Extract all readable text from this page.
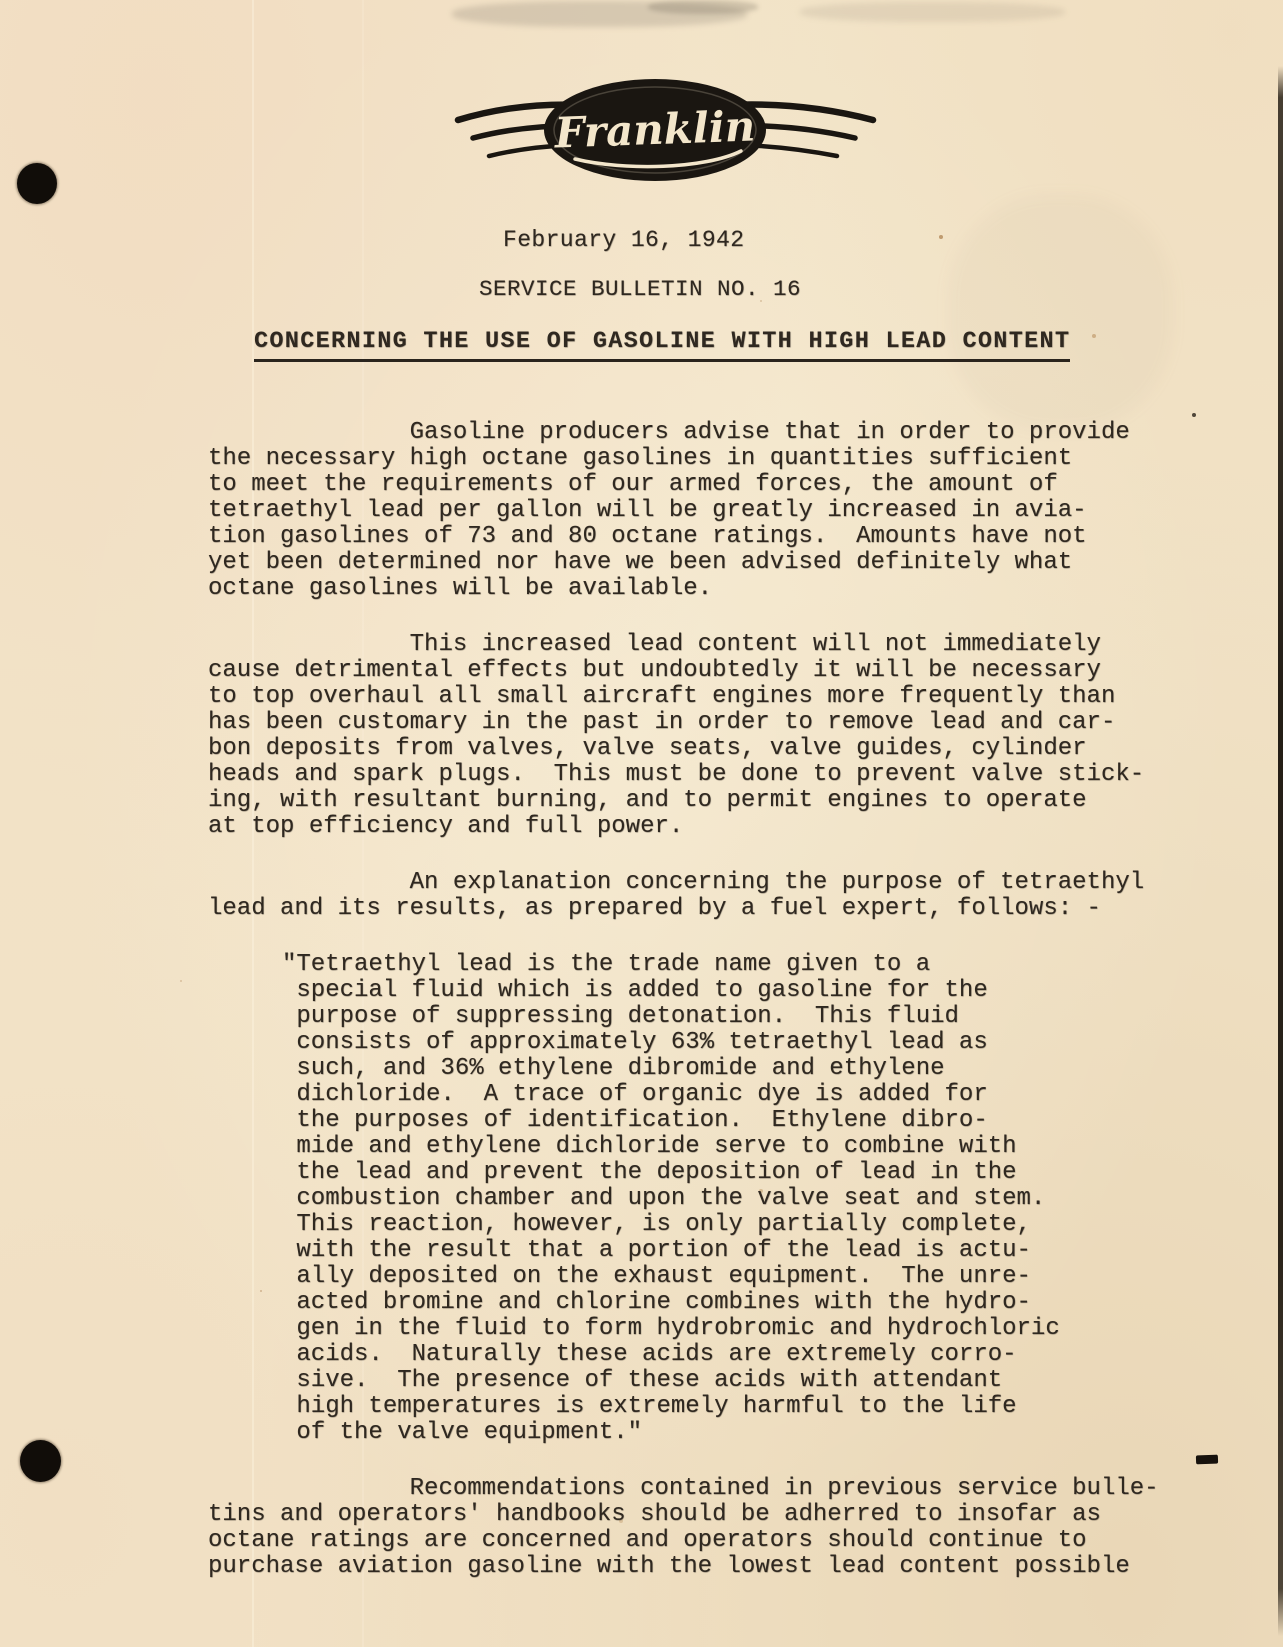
Franklin
February 16, 1942
SERVICE BULLETIN NO. 16
CONCERNING THE USE OF GASOLINE WITH HIGH LEAD CONTENT
Gasoline producers advise that in order to provide
the necessary high octane gasolines in quantities sufficient
to meet the requirements of our armed forces, the amount of
tetraethyl lead per gallon will be greatly increased in avia-
tion gasolines of 73 and 80 octane ratings.  Amounts have not
yet been determined nor have we been advised definitely what
octane gasolines will be available.
This increased lead content will not immediately
cause detrimental effects but undoubtedly it will be necessary
to top overhaul all small aircraft engines more frequently than
has been customary in the past in order to remove lead and car-
bon deposits from valves, valve seats, valve guides, cylinder
heads and spark plugs.  This must be done to prevent valve stick-
ing, with resultant burning, and to permit engines to operate
at top efficiency and full power.
An explanation concerning the purpose of tetraethyl
lead and its results, as prepared by a fuel expert, follows: -
"Tetraethyl lead is the trade name given to a
special fluid which is added to gasoline for the
purpose of suppressing detonation.  This fluid
consists of approximately 63% tetraethyl lead as
such, and 36% ethylene dibromide and ethylene
dichloride.  A trace of organic dye is added for
the purposes of identification.  Ethylene dibro-
mide and ethylene dichloride serve to combine with
the lead and prevent the deposition of lead in the
combustion chamber and upon the valve seat and stem.
This reaction, however, is only partially complete,
with the result that a portion of the lead is actu-
ally deposited on the exhaust equipment.  The unre-
acted bromine and chlorine combines with the hydro-
gen in the fluid to form hydrobromic and hydrochloric
acids.  Naturally these acids are extremely corro-
sive.  The presence of these acids with attendant
high temperatures is extremely harmful to the life
of the valve equipment."
Recommendations contained in previous service bulle-
tins and operators' handbooks should be adherred to insofar as
octane ratings are concerned and operators should continue to
purchase aviation gasoline with the lowest lead content possible
